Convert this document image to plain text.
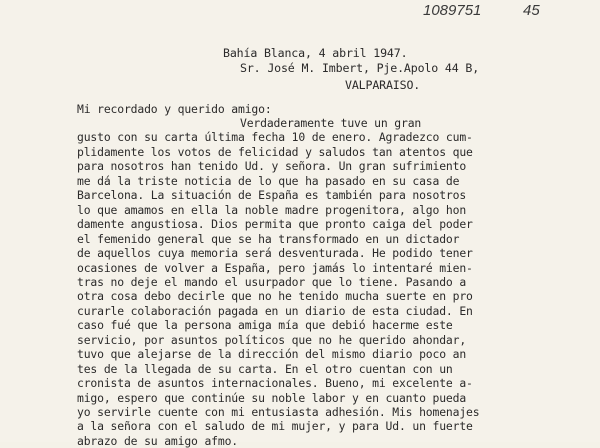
1089751	45
Bahía Blanca, 4 abril 1947.
Sr. José M. Imbert, Pje.Apolo 44 B,
VALPARAISO.
Mi recordado y querido amigo:
Verdaderamente tuve un gran
gusto con su carta última fecha 10 de enero. Agradezco cum-
plidamente los votos de felicidad y saludos tan atentos que
para nosotros han tenido Ud. y señora. Un gran sufrimiento
me dá la triste noticia de lo que ha pasado en su casa de
Barcelona. La situación de España es también para nosotros
lo que amamos en ella la noble madre progenitora, algo hon
damente angustiosa. Dios permita que pronto caiga del poder
el femenido general que se ha transformado en un dictador
de aquellos cuya memoria será desventurada. He podido tener
ocasiones de volver a España, pero jamás lo intentaré mien-
tras no deje el mando el usurpador que lo tiene. Pasando a
otra cosa debo decirle que no he tenido mucha suerte en pro
curarle colaboración pagada en un diario de esta ciudad. En
caso fué que la persona amiga mía que debió hacerme este
servicio, por asuntos políticos que no he querido ahondar,
tuvo que alejarse de la dirección del mismo diario poco an
tes de la llegada de su carta. En el otro cuentan con un
cronista de asuntos internacionales. Bueno, mi excelente a-
migo, espero que continúe su noble labor y en cuanto pueda
yo servirle cuente con mi entusiasta adhesión. Mis homenajes
a la señora con el saludo de mi mujer, y para Ud. un fuerte
abrazo de su amigo afmo.
